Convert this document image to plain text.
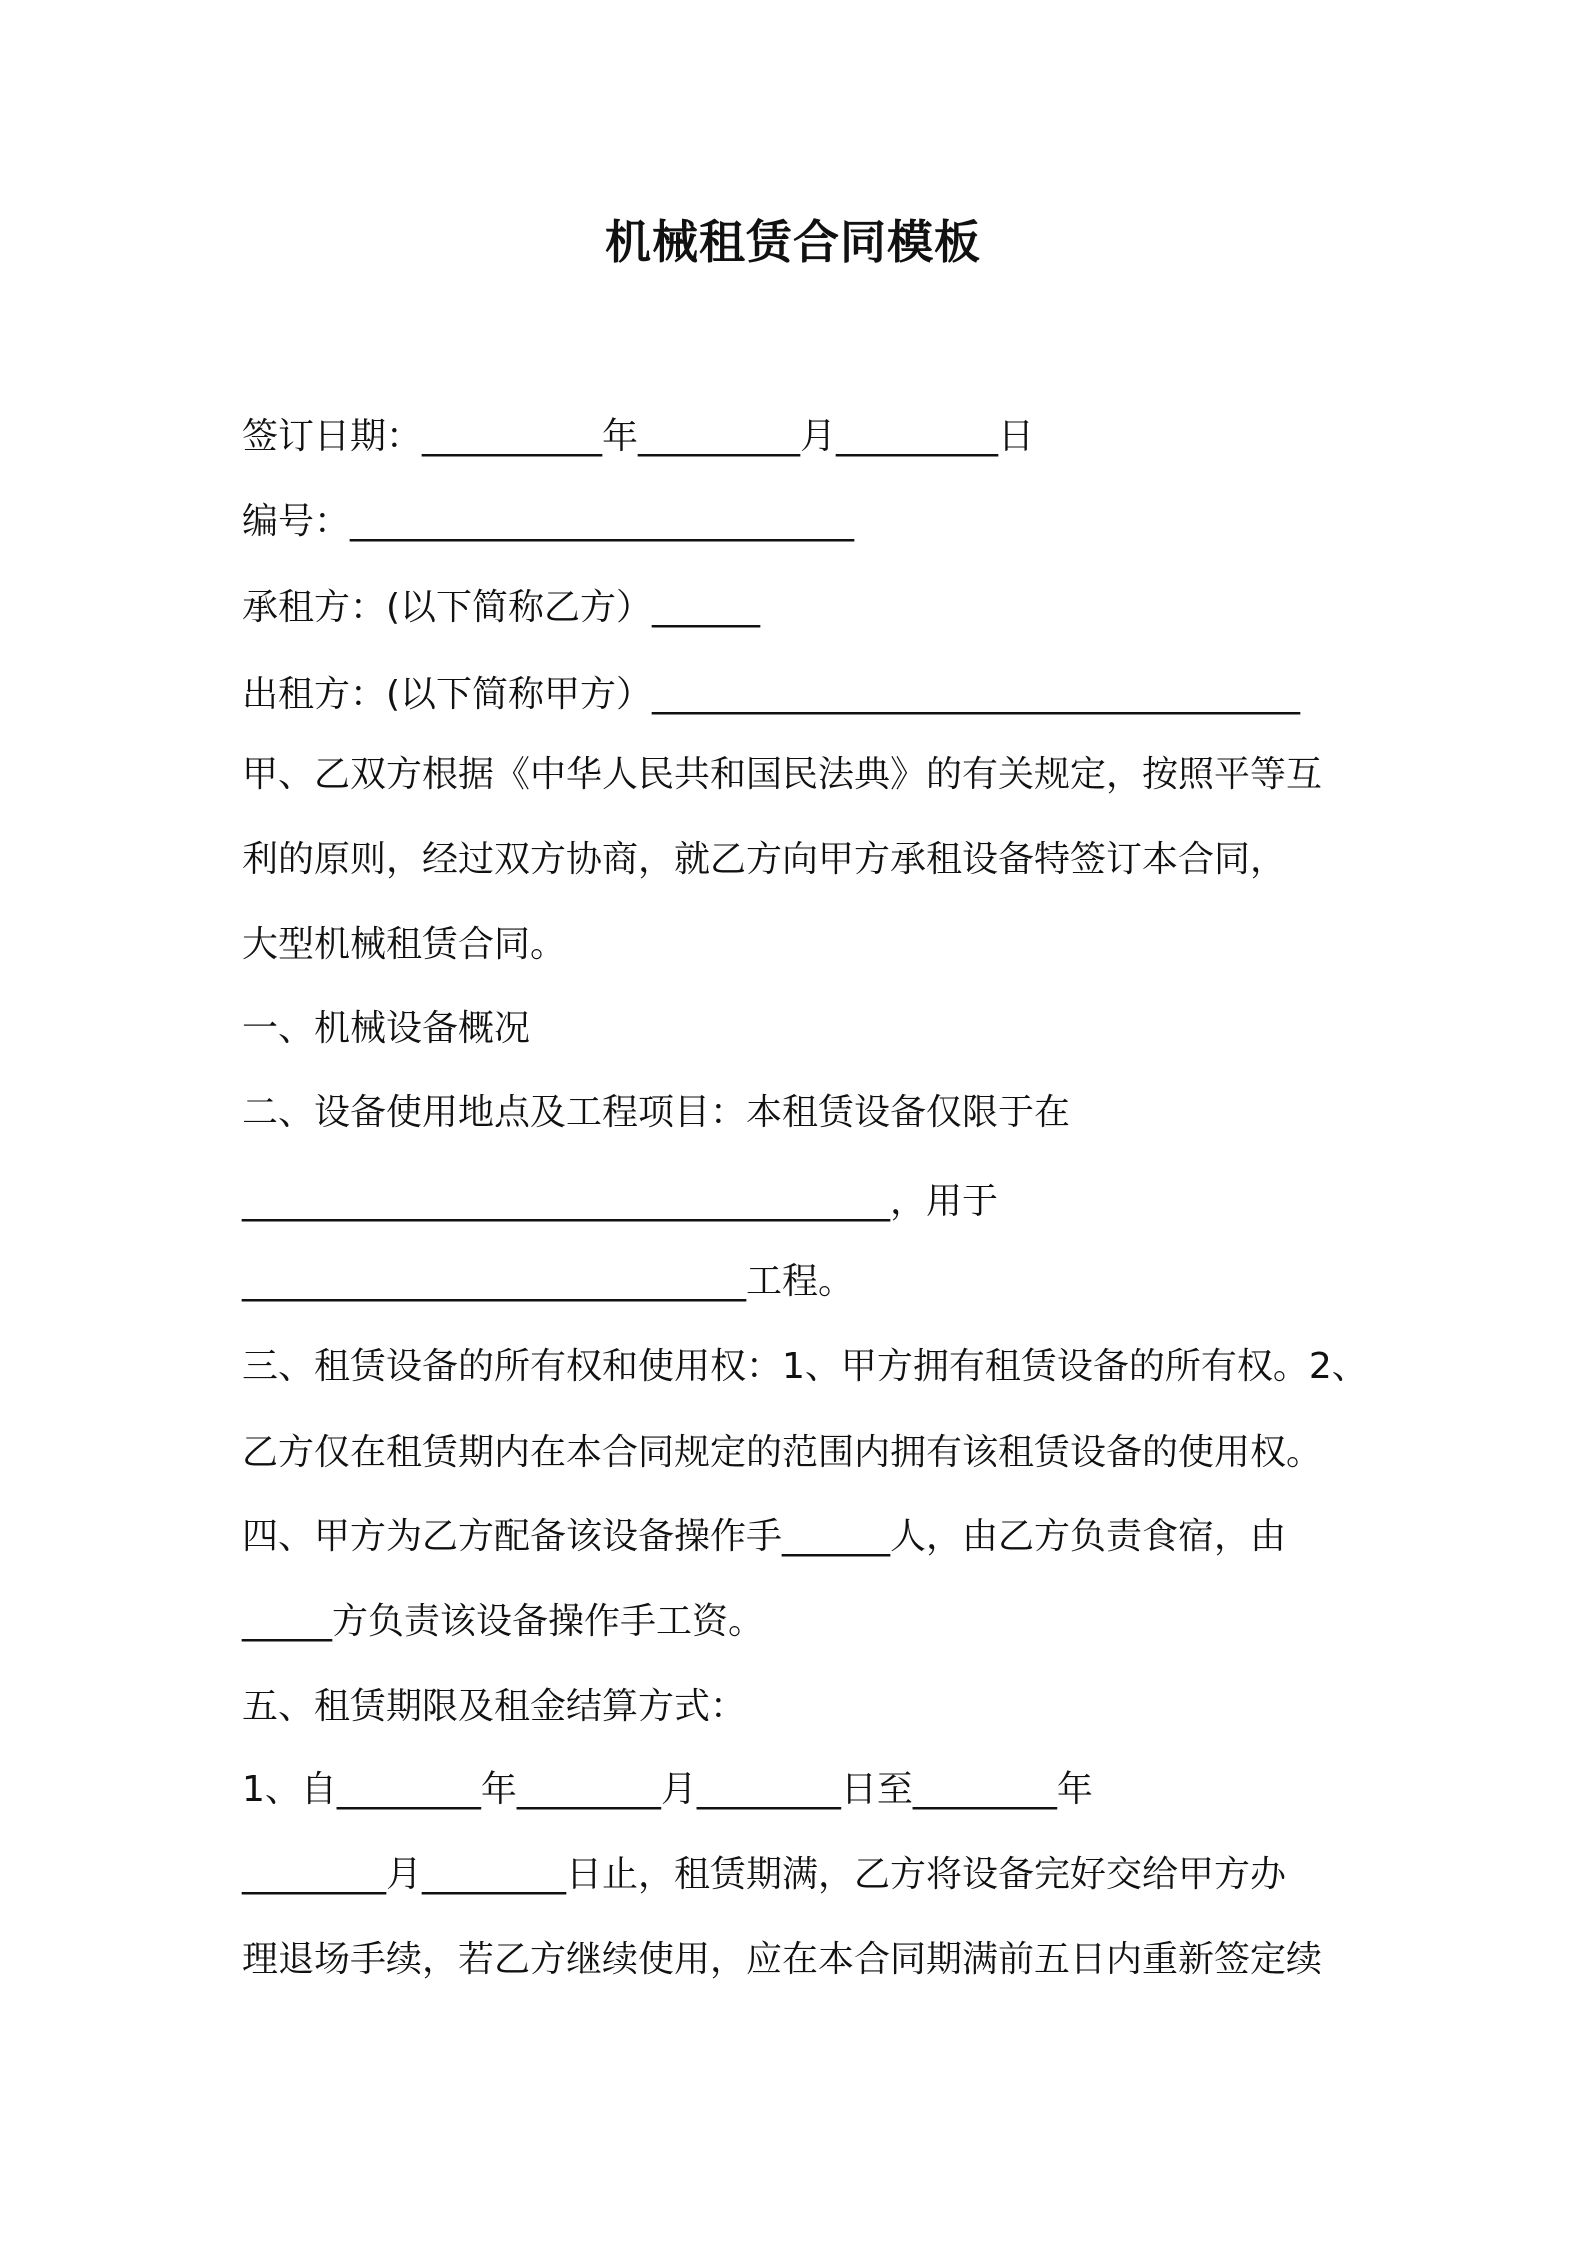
机械租赁合同模板
签订日期：__________年_________月_________日
编号：____________________________
承租方：(以下简称乙方）______
出租方：(以下简称甲方）____________________________________
甲、乙双方根据《中华人民共和国民法典》的有关规定，按照平等互
利的原则，经过双方协商，就乙方向甲方承租设备特签订本合同，
大型机械租赁合同。
一、机械设备概况
二、设备使用地点及工程项目：本租赁设备仅限于在
____________________________________，用于
____________________________工程。
三、租赁设备的所有权和使用权：1、甲方拥有租赁设备的所有权。2、
乙方仅在租赁期内在本合同规定的范围内拥有该租赁设备的使用权。
四、甲方为乙方配备该设备操作手______人，由乙方负责食宿，由
_____方负责该设备操作手工资。
五、租赁期限及租金结算方式：
1、自________年________月________日至________年
________月________日止，租赁期满，乙方将设备完好交给甲方办
理退场手续，若乙方继续使用，应在本合同期满前五日内重新签定续
